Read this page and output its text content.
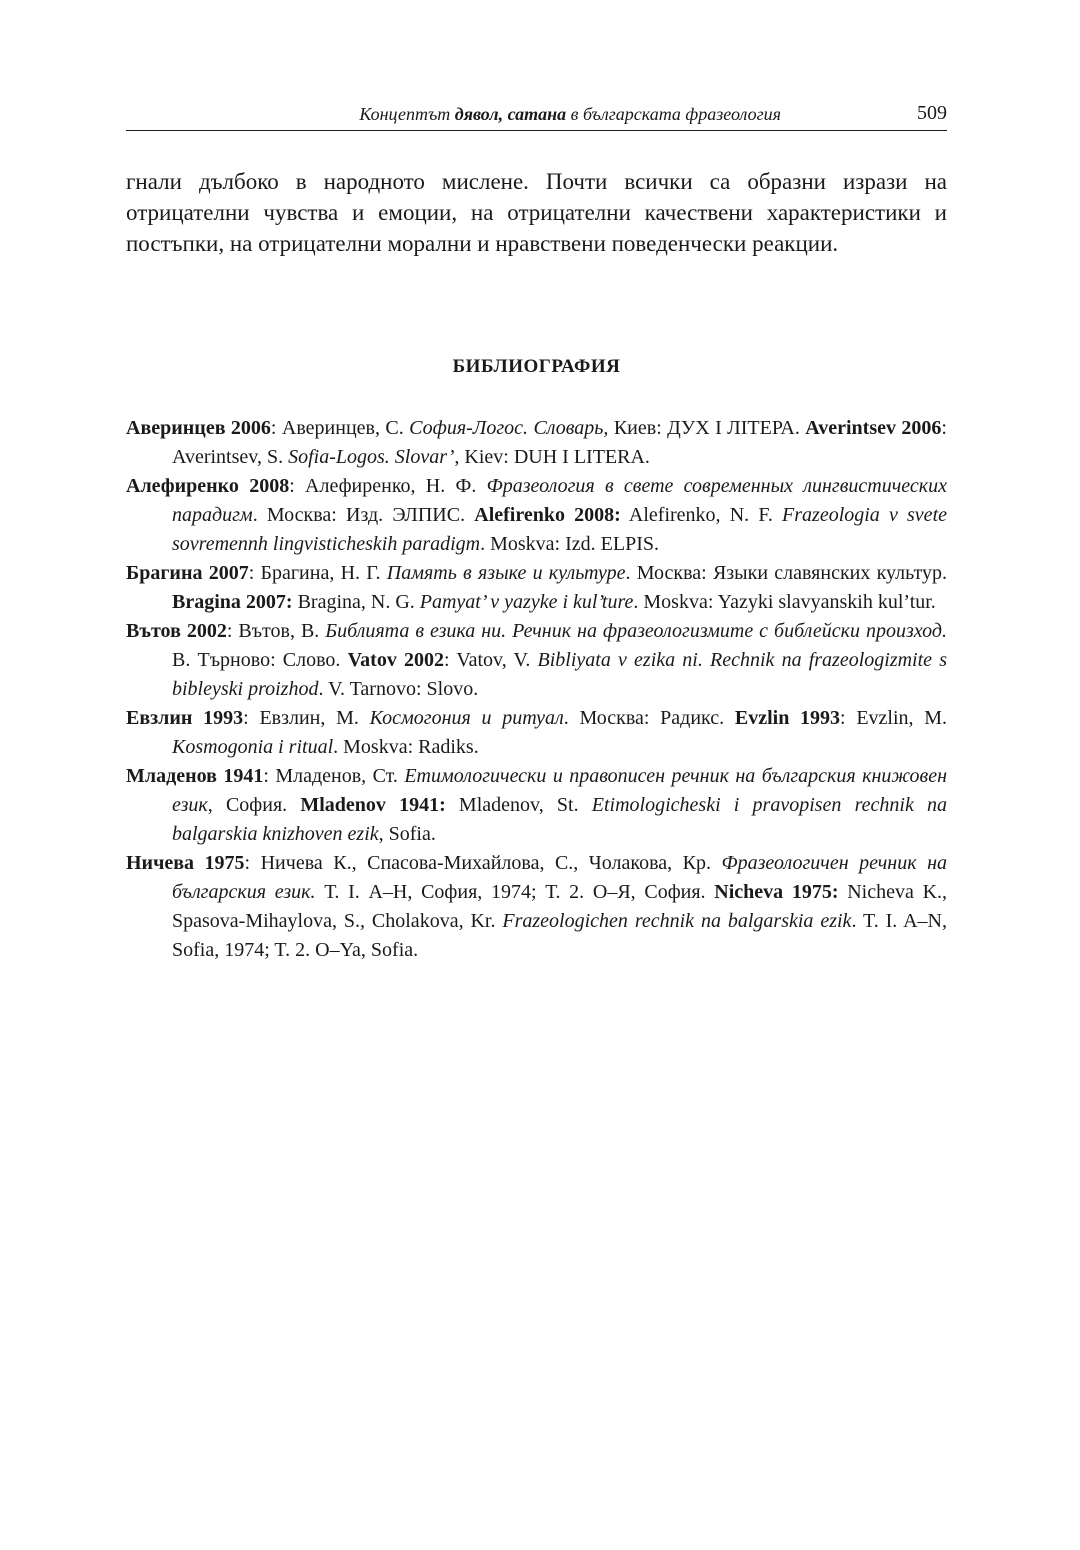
Концептът дявол, сатана в българската фразеология	509

гнали дълбоко в народното мислене. Почти всички са образни изрази на отрицателни чувства и емоции, на отрицателни качествени характеристики и постъпки, на отрицателни морални и нравствени поведенчески реакции.

БИБЛИОГРАФИЯ
Аверинцев 2006: Аверинцев, С. София-Логос. Словарь, Киев: ДУХ І ЛІТЕРА. Averintsev 2006: Averintsev, S. Sofia-Logos. Slovar’, Kiev: DUH I LITERA.
Алефиренко 2008: Алефиренко, Н. Ф. Фразеология в свете современных лингвистических парадигм. Москва: Изд. ЭЛПИС. Alefirenko 2008: Alefirenko, N. F. Frazeologia v svete sovremennh lingvisticheskih paradigm. Moskva: Izd. ELPIS.
Брагина 2007: Брагина, Н. Г. Память в языке и культуре. Москва: Языки славянских культур. Bragina 2007: Bragina, N. G. Pamyat’ v yazyke i kul’ture. Moskva: Yazyki slavyanskih kul’tur.
Вътов 2002: Вътов, В. Библията в езика ни. Речник на фразеологизмите с библейски произход. В. Търново: Слово. Vatov 2002: Vatov, V. Bibliyata v ezika ni. Rechnik na frazeologizmite s bibleyski proizhod. V. Tarnovo: Slovo.
Евзлин 1993: Евзлин, М. Космогония и ритуал. Москва: Радикс. Evzlin 1993: Evzlin, M. Kosmogonia i ritual. Moskva: Radiks.
Младенов 1941: Младенов, Ст. Етимологически и правописен речник на българския книжовен език, София. Mladenov 1941: Mladenov, St. Etimologicheski i pravopisen rechnik na balgarskia knizhoven ezik, Sofia.
Ничева 1975: Ничева К., Спасова-Михайлова, С., Чолакова, Кр. Фразеологичен речник на българския език. Т. I. А–Н, София, 1974; Т. 2. О–Я, София. Nicheva 1975: Nicheva K., Spasova-Mihaylova, S., Cholakova, Kr. Frazeologichen rechnik na balgarskia ezik. T. I. A–N, Sofia, 1974; T. 2. O–Ya, Sofia.
